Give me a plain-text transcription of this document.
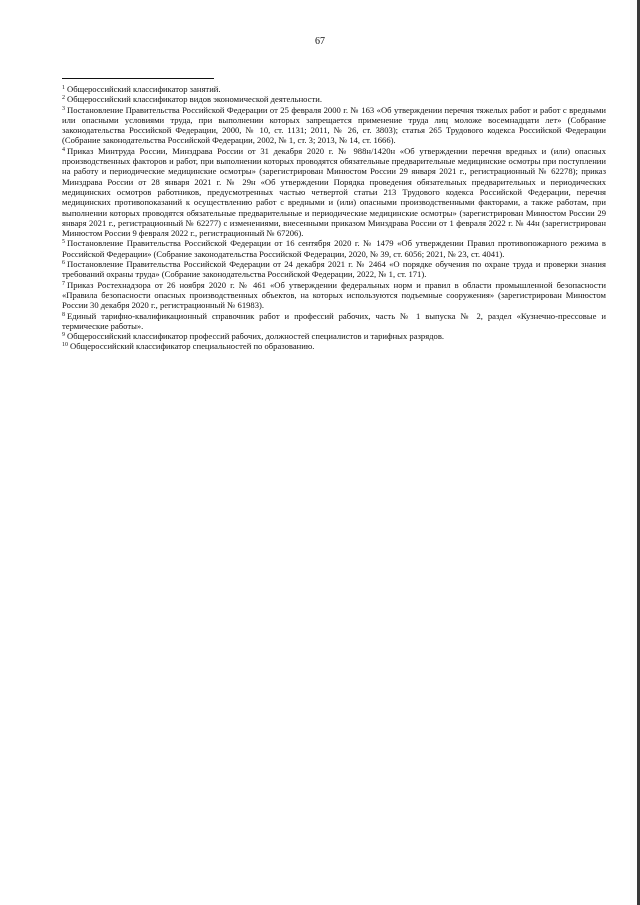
67

$^1$ Общероссийский классификатор занятий.

$^2$ Общероссийский классификатор видов экономической деятельности.

$^3$ Постановление Правительства Российской Федерации от 25 февраля 2000 г. № 163 «Об утверждении перечня тяжелых работ и работ с вредными или опасными условиями труда, при выполнении которых запрещается применение труда лиц моложе восемнадцати лет» (Собрание законодательства Российской Федерации, 2000, № 10, ст. 1131; 2011, № 26, ст. 3803); статья 265 Трудового кодекса Российской Федерации (Собрание законодательства Российской Федерации, 2002, № 1, ст. 3; 2013, № 14, ст. 1666).

$^4$ Приказ Минтруда России, Минздрава России от 31 декабря 2020 г. № 988н/1420н «Об утверждении перечня вредных и (или) опасных производственных факторов и работ, при выполнении которых проводятся обязательные предварительные медицинские осмотры при поступлении на работу и периодические медицинские осмотры» (зарегистрирован Минюстом России 29 января 2021 г., регистрационный № 62278); приказ Минздрава России от 28 января 2021 г. № 29н «Об утверждении Порядка проведения обязательных предварительных и периодических медицинских осмотров работников, предусмотренных частью четвертой статьи 213 Трудового кодекса Российской Федерации, перечня медицинских противопоказаний к осуществлению работ с вредными и (или) опасными производственными факторами, а также работам, при выполнении которых проводятся обязательные предварительные и периодические медицинские осмотры» (зарегистрирован Минюстом России 29 января 2021 г., регистрационный № 62277) с изменениями, внесенными приказом Минздрава России от 1 февраля 2022 г. № 44н (зарегистрирован Минюстом России 9 февраля 2022 г., регистрационный № 67206).

$^5$ Постановление Правительства Российской Федерации от 16 сентября 2020 г. № 1479 «Об утверждении Правил противопожарного режима в Российской Федерации» (Собрание законодательства Российской Федерации, 2020, № 39, ст. 6056; 2021, № 23, ст. 4041).

$^6$ Постановление Правительства Российской Федерации от 24 декабря 2021 г. № 2464 «О порядке обучения по охране труда и проверки знания требований охраны труда» (Собрание законодательства Российской Федерации, 2022, № 1, ст. 171).

$^7$ Приказ Ростехнадзора от 26 ноября 2020 г. № 461 «Об утверждении федеральных норм и правил в области промышленной безопасности «Правила безопасности опасных производственных объектов, на которых используются подъемные сооружения» (зарегистрирован Минюстом России 30 декабря 2020 г., регистрационный № 61983).

$^8$ Единый тарифно-квалификационный справочник работ и профессий рабочих, часть № 1 выпуска № 2, раздел «Кузнечно-прессовые и термические работы».

$^9$ Общероссийский классификатор профессий рабочих, должностей специалистов и тарифных разрядов.

$^{10}$ Общероссийский классификатор специальностей по образованию.
